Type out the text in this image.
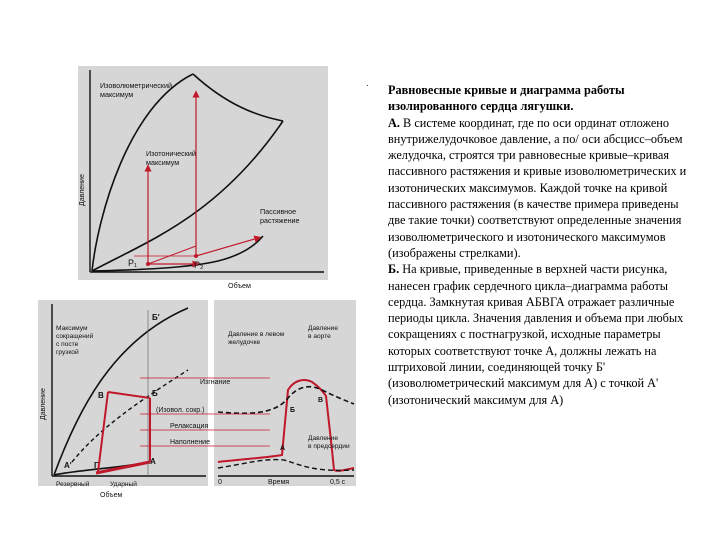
.
Давление
P₁	P₂
Изоволюметрический максимум
Изотонический максимум
Пассивное растяжение
Объем
Давление
Б'
А'
Б
В
Г	А
Максимум сокращений с посте грузкой
Резервный	Ударный
Объем
0	Время	0,5 с
Давление в левом желудочке
Давление в аорте
Давление в предсердии
Б
В
А
Изгнание
(Изовол. сокр.)
Релаксация
Наполнение

Равновесные кривые и диаграмма работы изолированного сердца лягушки.
А. В системе координат, где по оси ординат отложено внутрижелудочковое давление, а по/ оси абсцисс–объем желудочка, строятся три равновесные кривые–кривая пассивного растяжения и кривые изоволюметрических и изотонических максимумов. Каждой точке на кривой пассивного растяжения (в качестве примера приведены две такие точки) соответствуют определенные значения изоволюметрического и изотонического максимумов (изображены стрелками).
Б. На кривые, приведенные в верхней части рисунка, нанесен график сердечного цикла–диаграмма работы сердца. Замкнутая кривая АБВГА отражает различные периоды цикла. Значения давления и объема при любых сокращениях с постнагрузкой, исходные параметры которых соответствуют точке А, должны лежать на штриховой линии, соединяющей точку Б' (изоволюметрический максимум для А) с точкой А' (изотонический максимум для А)
